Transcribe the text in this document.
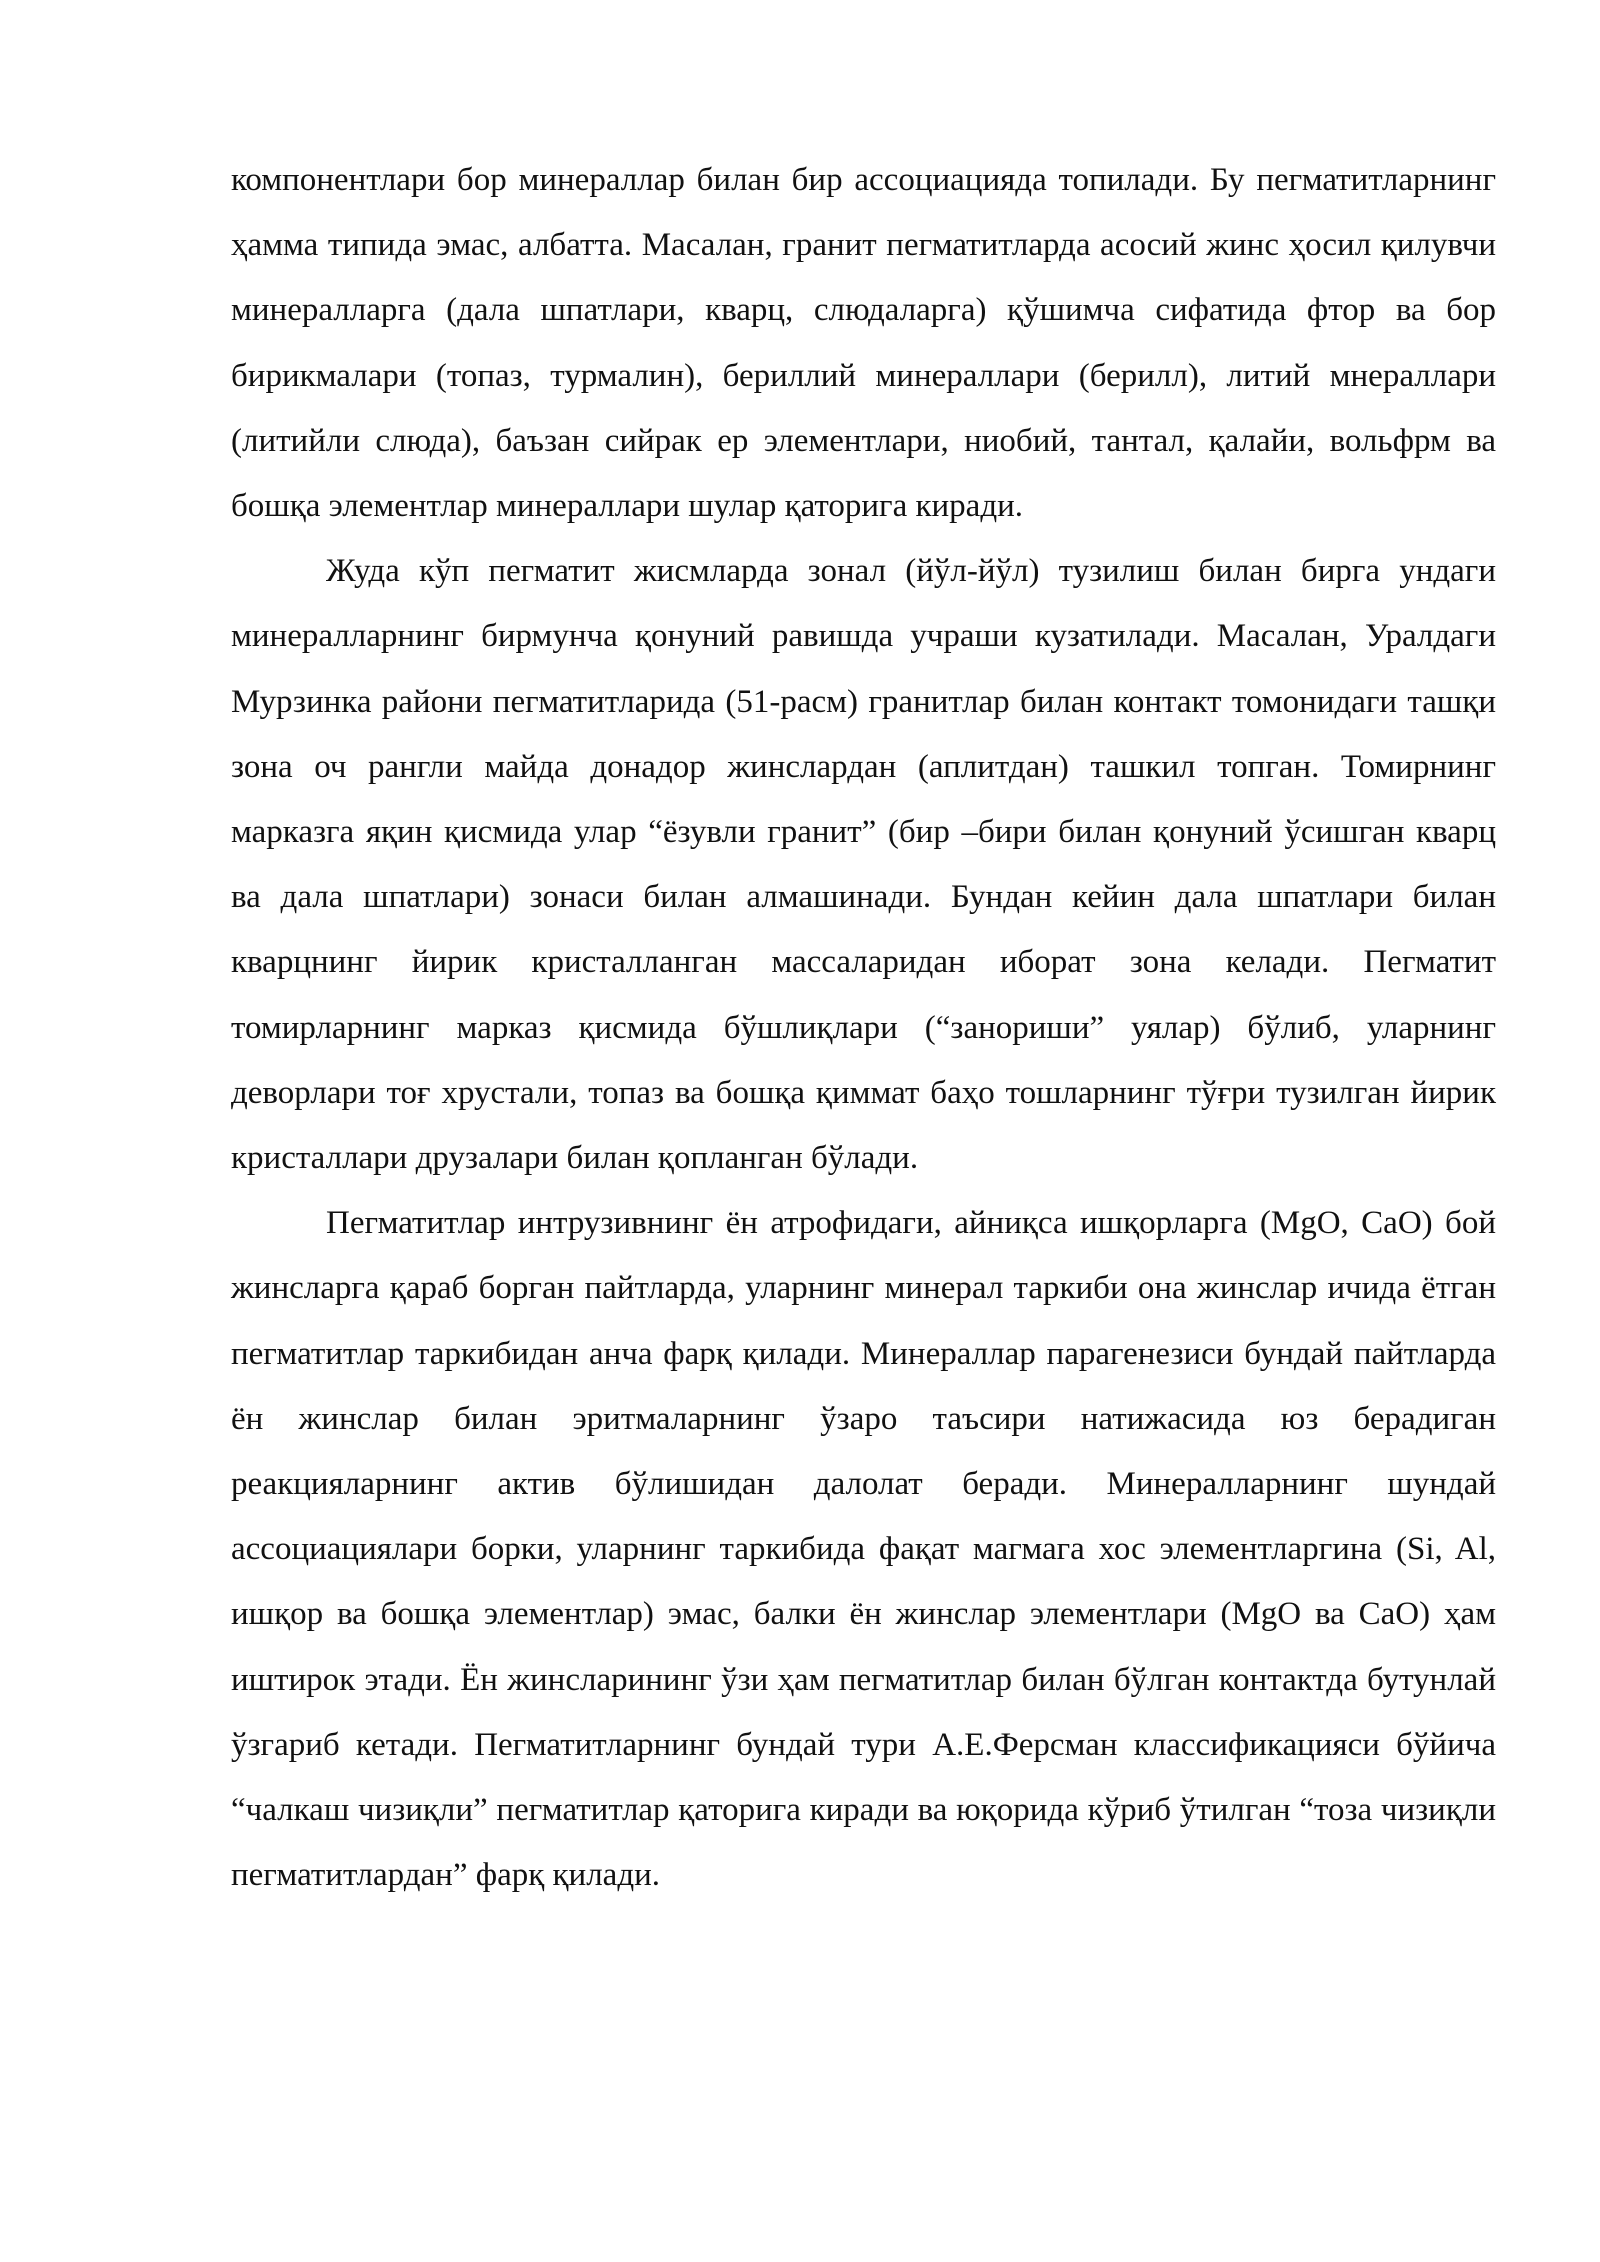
компонентлари бор минераллар билан бир ассоциацияда топилади. Бу пегматитларнинг ҳамма типида эмас, албатта. Масалан, гранит пегматитларда асосий жинс ҳосил қилувчи минералларга (дала шпатлари, кварц, слюдаларга) қўшимча сифатида фтор ва бор бирикмалари (топаз, турмалин), бериллий минераллари (берилл), литий мнераллари (литийли слюда), баъзан сийрак ер элементлари, ниобий, тантал, қалайи, вольфрм ва бошқа элементлар минераллари шулар қаторига киради.

Жуда кўп пегматит жисмларда зонал (йўл-йўл) тузилиш билан бирга ундаги минералларнинг бирмунча қонуний равишда учраши кузатилади. Масалан, Уралдаги Мурзинка райони пегматитларида (51-расм) гранитлар билан контакт томонидаги ташқи зона оч рангли майда донадор жинслардан (аплитдан) ташкил топган. Томирнинг марказга яқин қисмида улар “ёзувли гранит” (бир –бири билан қонуний ўсишган кварц ва дала шпатлари) зонаси билан алмашинади. Бундан кейин дала шпатлари билан кварцнинг йирик кристалланган массаларидан иборат зона келади. Пегматит томирларнинг марказ қисмида бўшлиқлари (“занориши” уялар) бўлиб, уларнинг деворлари тоғ хрустали, топаз ва бошқа қиммат баҳо тошларнинг тўғри тузилган йирик кристаллари друзалари билан қопланган бўлади.

Пегматитлар интрузивнинг ён атрофидаги, айниқса ишқорларга (MgO, CaO) бой жинсларга қараб борган пайтларда, уларнинг минерал таркиби она жинслар ичида ётган пегматитлар таркибидан анча фарқ қилади. Минераллар парагенезиси бундай пайтларда ён жинслар билан эритмаларнинг ўзаро таъсири натижасида юз берадиган реакцияларнинг актив бўлишидан далолат беради. Минералларнинг шундай ассоциациялари борки, уларнинг таркибида фақат магмага хос элементларгина (Si, Al, ишқор ва бошқа элементлар) эмас, балки ён жинслар элементлари (MgO ва CaO) ҳам иштирок этади. Ён жинсларининг ўзи ҳам пегматитлар билан бўлган контактда бутунлай ўзгариб кетади. Пегматитларнинг бундай тури А.Е.Ферсман классификацияси бўйича “чалкаш чизиқли” пегматитлар қаторига киради ва юқорида кўриб ўтилган “тоза чизиқли пегматитлардан” фарқ қилади.
